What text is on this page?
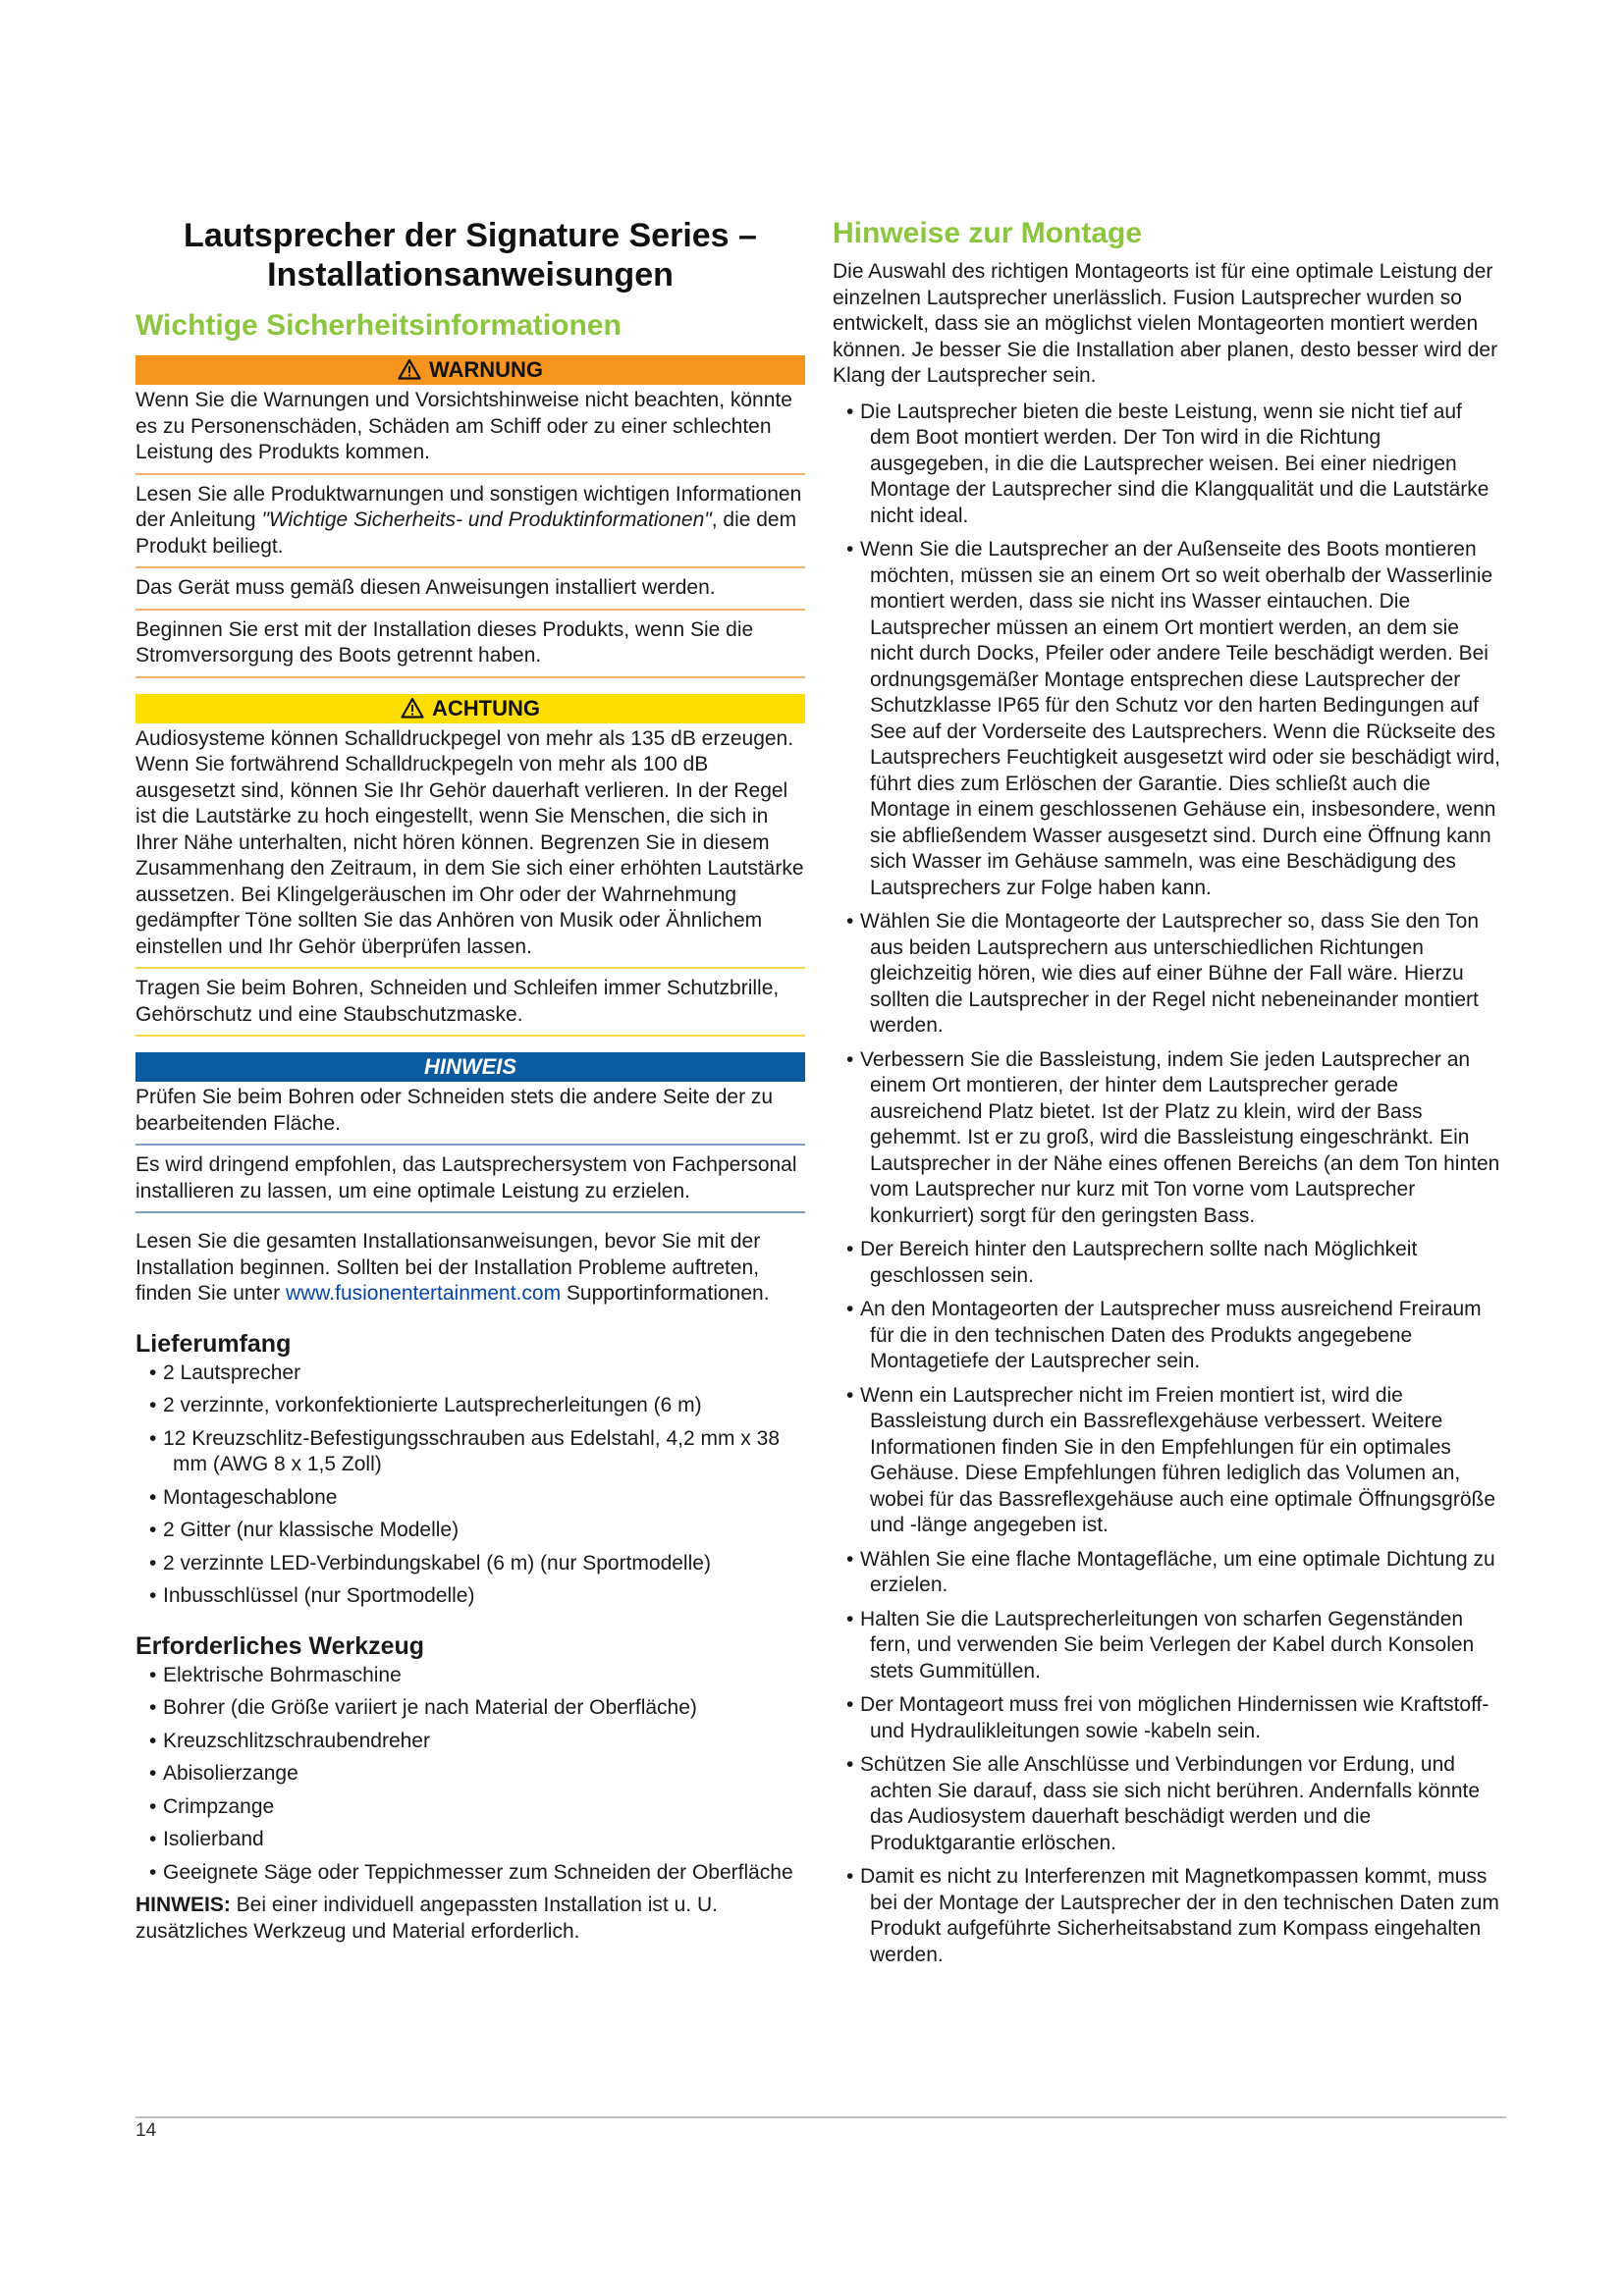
Lautsprecher der Signature Series –
Installationsanweisungen
Wichtige Sicherheitsinformationen
WARNUNG

Wenn Sie die Warnungen und Vorsichtshinweise nicht beachten, könnte es zu Personenschäden, Schäden am Schiff oder zu einer schlechten Leistung des Produkts kommen.

Lesen Sie alle Produktwarnungen und sonstigen wichtigen Informationen der Anleitung "Wichtige Sicherheits- und Produktinformationen", die dem Produkt beiliegt.

Das Gerät muss gemäß diesen Anweisungen installiert werden.

Beginnen Sie erst mit der Installation dieses Produkts, wenn Sie die Stromversorgung des Boots getrennt haben.

ACHTUNG

Audiosysteme können Schalldruckpegel von mehr als 135 dB erzeugen. Wenn Sie fortwährend Schalldruckpegeln von mehr als 100 dB ausgesetzt sind, können Sie Ihr Gehör dauerhaft verlieren. In der Regel ist die Lautstärke zu hoch eingestellt, wenn Sie Menschen, die sich in Ihrer Nähe unterhalten, nicht hören können. Begrenzen Sie in diesem Zusammenhang den Zeitraum, in dem Sie sich einer erhöhten Lautstärke aussetzen. Bei Klingelgeräuschen im Ohr oder der Wahrnehmung gedämpfter Töne sollten Sie das Anhören von Musik oder Ähnlichem einstellen und Ihr Gehör überprüfen lassen.

Tragen Sie beim Bohren, Schneiden und Schleifen immer Schutzbrille, Gehörschutz und eine Staubschutzmaske.

HINWEIS

Prüfen Sie beim Bohren oder Schneiden stets die andere Seite der zu bearbeitenden Fläche.

Es wird dringend empfohlen, das Lautsprechersystem von Fachpersonal installieren zu lassen, um eine optimale Leistung zu erzielen.

Lesen Sie die gesamten Installationsanweisungen, bevor Sie mit der Installation beginnen. Sollten bei der Installation Probleme auftreten, finden Sie unter www.fusionentertainment.com Supportinformationen.

Lieferumfang
• 2 Lautsprecher
• 2 verzinnte, vorkonfektionierte Lautsprecherleitungen (6 m)
• 12 Kreuzschlitz-Befestigungsschrauben aus Edelstahl, 4,2 mm x 38 mm (AWG 8 x 1,5 Zoll)
• Montageschablone
• 2 Gitter (nur klassische Modelle)
• 2 verzinnte LED-Verbindungskabel (6 m) (nur Sportmodelle)
• Inbusschlüssel (nur Sportmodelle)
Erforderliches Werkzeug
• Elektrische Bohrmaschine
• Bohrer (die Größe variiert je nach Material der Oberfläche)
• Kreuzschlitzschraubendreher
• Abisolierzange
• Crimpzange
• Isolierband
• Geeignete Säge oder Teppichmesser zum Schneiden der Oberfläche

HINWEIS: Bei einer individuell angepassten Installation ist u. U. zusätzliches Werkzeug und Material erforderlich.

Hinweise zur Montage

Die Auswahl des richtigen Montageorts ist für eine optimale Leistung der einzelnen Lautsprecher unerlässlich. Fusion Lautsprecher wurden so entwickelt, dass sie an möglichst vielen Montageorten montiert werden können. Je besser Sie die Installation aber planen, desto besser wird der Klang der Lautsprecher sein.

• Die Lautsprecher bieten die beste Leistung, wenn sie nicht tief auf dem Boot montiert werden. Der Ton wird in die Richtung ausgegeben, in die die Lautsprecher weisen. Bei einer niedrigen Montage der Lautsprecher sind die Klangqualität und die Lautstärke nicht ideal.
• Wenn Sie die Lautsprecher an der Außenseite des Boots montieren möchten, müssen sie an einem Ort so weit oberhalb der Wasserlinie montiert werden, dass sie nicht ins Wasser eintauchen. Die Lautsprecher müssen an einem Ort montiert werden, an dem sie nicht durch Docks, Pfeiler oder andere Teile beschädigt werden. Bei ordnungsgemäßer Montage entsprechen diese Lautsprecher der Schutzklasse IP65 für den Schutz vor den harten Bedingungen auf See auf der Vorderseite des Lautsprechers. Wenn die Rückseite des Lautsprechers Feuchtigkeit ausgesetzt wird oder sie beschädigt wird, führt dies zum Erlöschen der Garantie. Dies schließt auch die Montage in einem geschlossenen Gehäuse ein, insbesondere, wenn sie abfließendem Wasser ausgesetzt sind. Durch eine Öffnung kann sich Wasser im Gehäuse sammeln, was eine Beschädigung des Lautsprechers zur Folge haben kann.
• Wählen Sie die Montageorte der Lautsprecher so, dass Sie den Ton aus beiden Lautsprechern aus unterschiedlichen Richtungen gleichzeitig hören, wie dies auf einer Bühne der Fall wäre. Hierzu sollten die Lautsprecher in der Regel nicht nebeneinander montiert werden.
• Verbessern Sie die Bassleistung, indem Sie jeden Lautsprecher an einem Ort montieren, der hinter dem Lautsprecher gerade ausreichend Platz bietet. Ist der Platz zu klein, wird der Bass gehemmt. Ist er zu groß, wird die Bassleistung eingeschränkt. Ein Lautsprecher in der Nähe eines offenen Bereichs (an dem Ton hinten vom Lautsprecher nur kurz mit Ton vorne vom Lautsprecher konkurriert) sorgt für den geringsten Bass.
• Der Bereich hinter den Lautsprechern sollte nach Möglichkeit geschlossen sein.
• An den Montageorten der Lautsprecher muss ausreichend Freiraum für die in den technischen Daten des Produkts angegebene Montagetiefe der Lautsprecher sein.
• Wenn ein Lautsprecher nicht im Freien montiert ist, wird die Bassleistung durch ein Bassreflexgehäuse verbessert. Weitere Informationen finden Sie in den Empfehlungen für ein optimales Gehäuse. Diese Empfehlungen führen lediglich das Volumen an, wobei für das Bassreflexgehäuse auch eine optimale Öffnungsgröße und -länge angegeben ist.
• Wählen Sie eine flache Montagefläche, um eine optimale Dichtung zu erzielen.
• Halten Sie die Lautsprecherleitungen von scharfen Gegenständen fern, und verwenden Sie beim Verlegen der Kabel durch Konsolen stets Gummitüllen.
• Der Montageort muss frei von möglichen Hindernissen wie Kraftstoff- und Hydraulikleitungen sowie -kabeln sein.
• Schützen Sie alle Anschlüsse und Verbindungen vor Erdung, und achten Sie darauf, dass sie sich nicht berühren. Andernfalls könnte das Audiosystem dauerhaft beschädigt werden und die Produktgarantie erlöschen.
• Damit es nicht zu Interferenzen mit Magnetkompassen kommt, muss bei der Montage der Lautsprecher der in den technischen Daten zum Produkt aufgeführte Sicherheitsabstand zum Kompass eingehalten werden.
14
